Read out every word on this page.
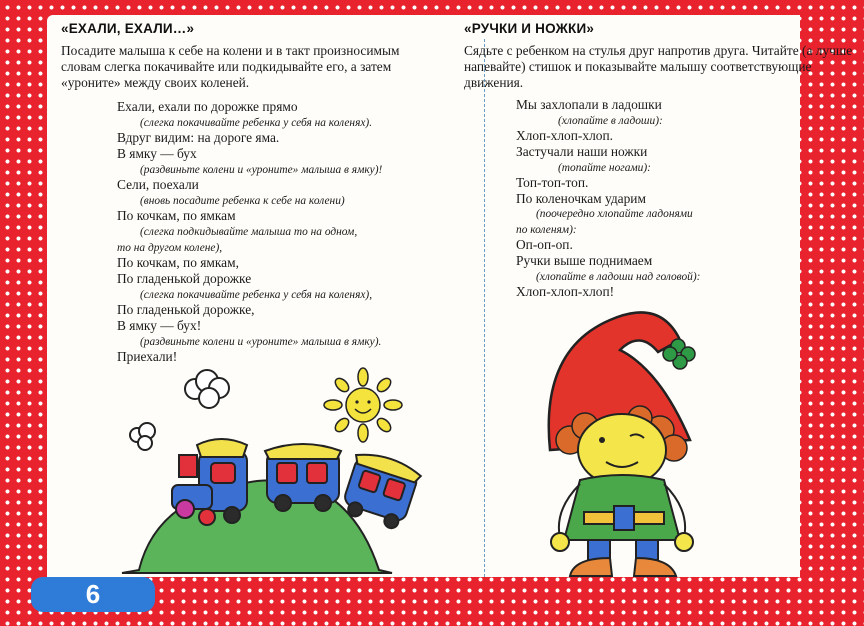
«ЕХАЛИ, ЕХАЛИ…»
Посадите малыша к себе на колени и в такт произносимым словам слегка покачивайте или подкидывайте его, а затем «уроните» между своих коленей.
Ехали, ехали по дорожке прямо
(слегка покачивайте ребенка у себя на коленях).
Вдруг видим: на дороге яма.
В ямку — бух
(раздвиньте колени и «уроните» малыша в ямку)!
Сели, поехали
(вновь посадите ребенка к себе на колени)
По кочкам, по ямкам
(слегка подкидывайте малыша то на одном,
то на другом колене),
По кочкам, по ямкам,
По гладенькой дорожке
(слегка покачивайте ребенка у себя на коленях),
По гладенькой дорожке,
В ямку — бух!
(раздвиньте колени и «уроните» малыша в ямку).
Приехали!
«РУЧКИ И НОЖКИ»
Сядьте с ребенком на стулья друг напротив друга. Читайте (а лучше напевайте) стишок и показывайте малышу соответствующие движения.
Мы захлопали в ладошки
(хлопайте в ладоши):
Хлоп-хлоп-хлоп.
Застучали наши ножки
(топайте ногами):
Топ-топ-топ.
По коленочкам ударим
(поочередно хлопайте ладонями
по коленям):
Оп-оп-оп.
Ручки выше поднимаем
(хлопайте в ладоши над головой):
Хлоп-хлоп-хлоп!
6
